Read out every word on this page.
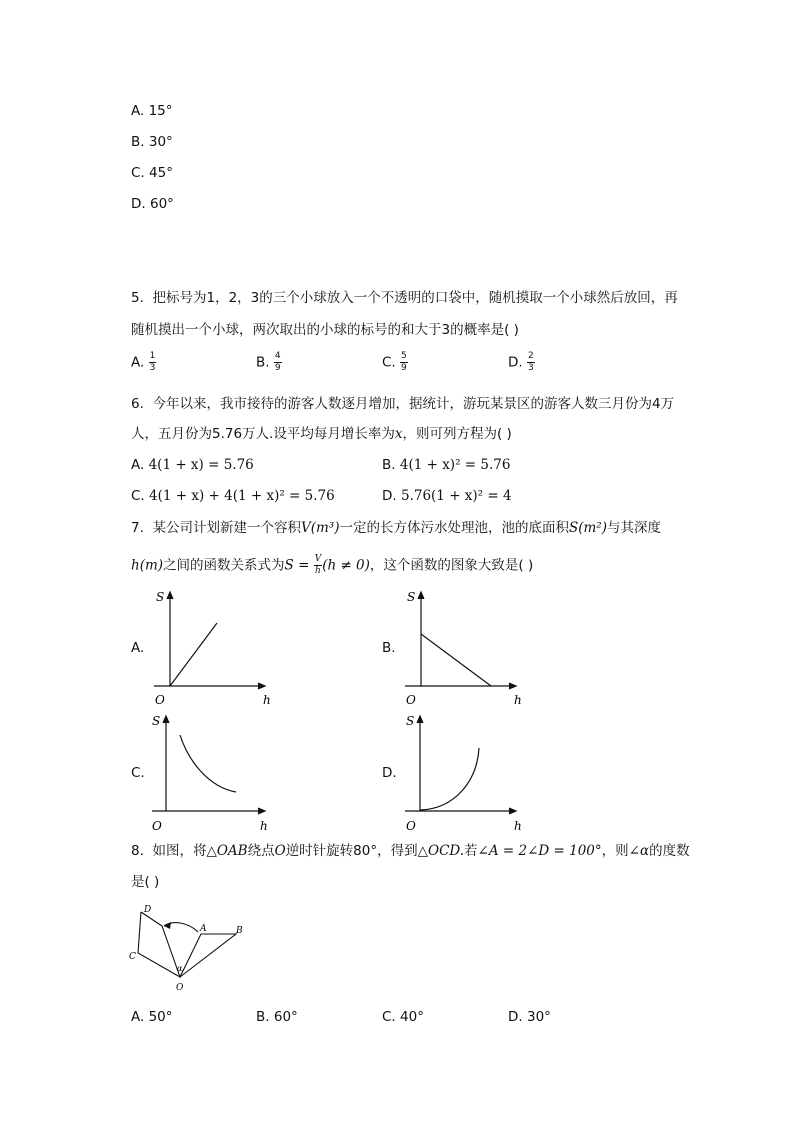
A. 15°
B. 30°
C. 45°
D. 60°
5. 把标号为1，2，3的三个小球放入一个不透明的口袋中，随机摸取一个小球然后放回，再
随机摸出一个小球，两次取出的小球的标号的和大于3的概率是( )
A. $\frac{1}{3}$	B. $\frac{4}{9}$	C. $\frac{5}{9}$	D. $\frac{2}{3}$
6. 今年以来，我市接待的游客人数逐月增加，据统计，游玩某景区的游客人数三月份为4万
人，五月份为5.76万人.设平均每月增长率为x，则可列方程为( )
A. 4(1 + x) = 5.76	B. 4(1 + x)² = 5.76
C. 4(1 + x) + 4(1 + x)² = 5.76	D. 5.76(1 + x)² = 4
7. 某公司计划新建一个容积V(m³)一定的长方体污水处理池，池的底面积S(m²)与其深度
h(m)之间的函数关系式为$S = \frac{V}{h} (h \ne 0)$，这个函数的图象大致是( )
A.	B.
C.	D.
S
h
O
S
h
O
S
h
O
S
h
O
8. 如图，将△OAB绕点O逆时针旋转80°，得到△OCD.若∠A = 2∠D = 100°，则∠α的度数
是( )
D
A	B
C
O
α
A. 50°	B. 60°	C. 40°	D. 30°
